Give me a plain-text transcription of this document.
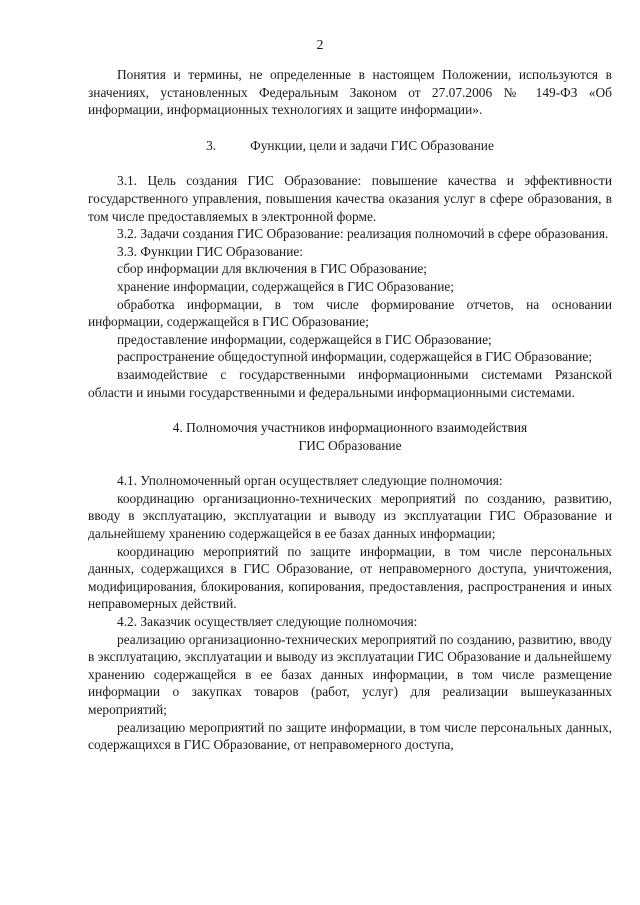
2

Понятия и термины, не определенные в настоящем Положении, используются в значениях, установленных Федеральным Законом от 27.07.2006 № 149-ФЗ «Об информации, информационных технологиях и защите информации».

3.	Функции, цели и задачи ГИС Образование

3.1. Цель создания ГИС Образование: повышение качества и эффективности государственного управления, повышения качества оказания услуг в сфере образования, в том числе предоставляемых в электронной форме.

3.2. Задачи создания ГИС Образование: реализация полномочий в сфере образования.

3.3. Функции ГИС Образование:

сбор информации для включения в ГИС Образование;

хранение информации, содержащейся в ГИС Образование;

обработка информации, в том числе формирование отчетов, на основании информации, содержащейся в ГИС Образование;

предоставление информации, содержащейся в ГИС Образование;

распространение общедоступной информации, содержащейся в ГИС Образование;

взаимодействие с государственными информационными системами Рязанской области и иными государственными и федеральными информационными системами.

4. Полномочия участников информационного взаимодействия
ГИС Образование

4.1. Уполномоченный орган осуществляет следующие полномочия:

координацию организационно-технических мероприятий по созданию, развитию, вводу в эксплуатацию, эксплуатации и выводу из эксплуатации ГИС Образование и дальнейшему хранению содержащейся в ее базах данных информации;

координацию мероприятий по защите информации, в том числе персональных данных, содержащихся в ГИС Образование, от неправомерного доступа, уничтожения, модифицирования, блокирования, копирования, предоставления, распространения и иных неправомерных действий.

4.2. Заказчик осуществляет следующие полномочия:

реализацию организационно-технических мероприятий по созданию, развитию, вводу в эксплуатацию, эксплуатации и выводу из эксплуатации ГИС Образование и дальнейшему хранению содержащейся в ее базах данных информации, в том числе размещение информации о закупках товаров (работ, услуг) для реализации вышеуказанных мероприятий;

реализацию мероприятий по защите информации, в том числе персональных данных, содержащихся в ГИС Образование, от неправомерного доступа,
